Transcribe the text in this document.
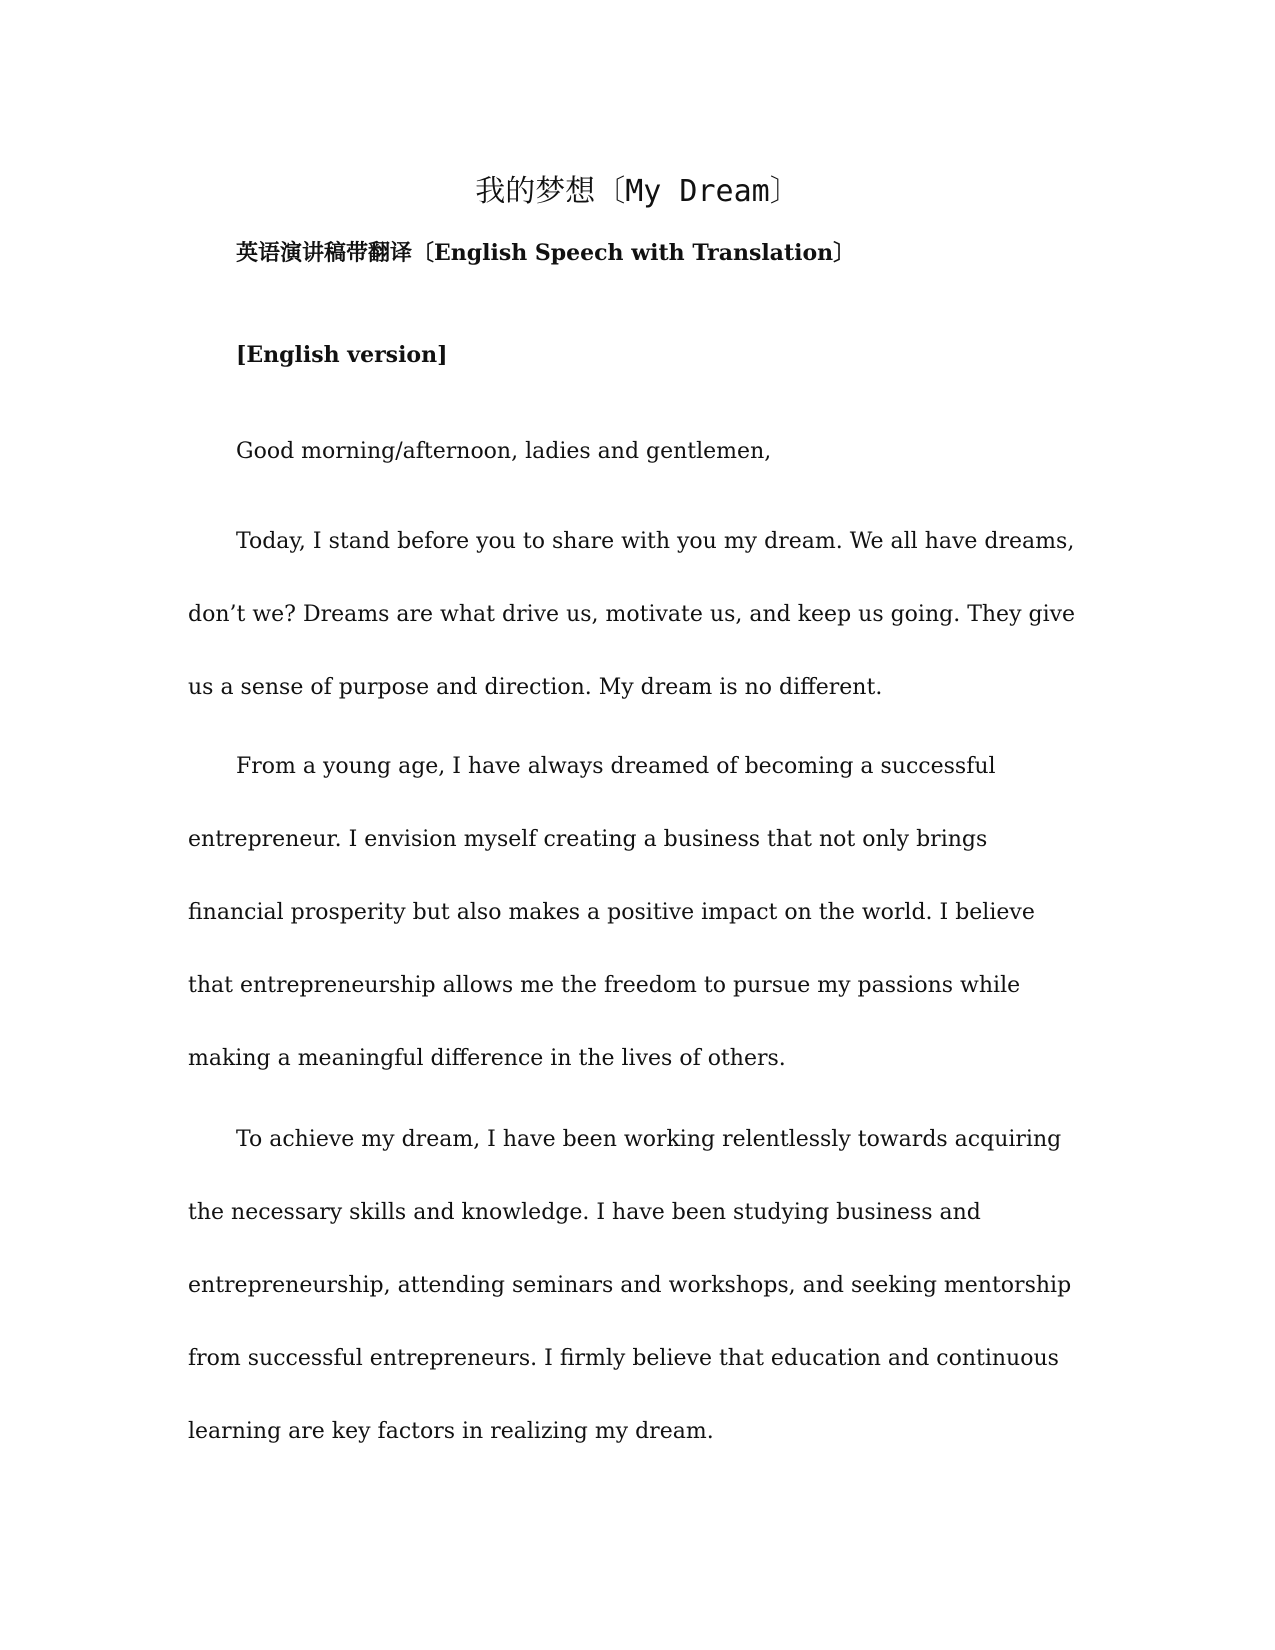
我的梦想〔My Dream〕

英语演讲稿带翻译〔English Speech with Translation〕

[English version]

Good morning/afternoon, ladies and gentlemen,

Today, I stand before you to share with you my dream. We all have dreams, don’t we? Dreams are what drive us, motivate us, and keep us going. They give us a sense of purpose and direction. My dream is no different.

From a young age, I have always dreamed of becoming a successful entrepreneur. I envision myself creating a business that not only brings financial prosperity but also makes a positive impact on the world. I believe that entrepreneurship allows me the freedom to pursue my passions while making a meaningful difference in the lives of others.

To achieve my dream, I have been working relentlessly towards acquiring the necessary skills and knowledge. I have been studying business and entrepreneurship, attending seminars and workshops, and seeking mentorship from successful entrepreneurs. I firmly believe that education and continuous learning are key factors in realizing my dream.
